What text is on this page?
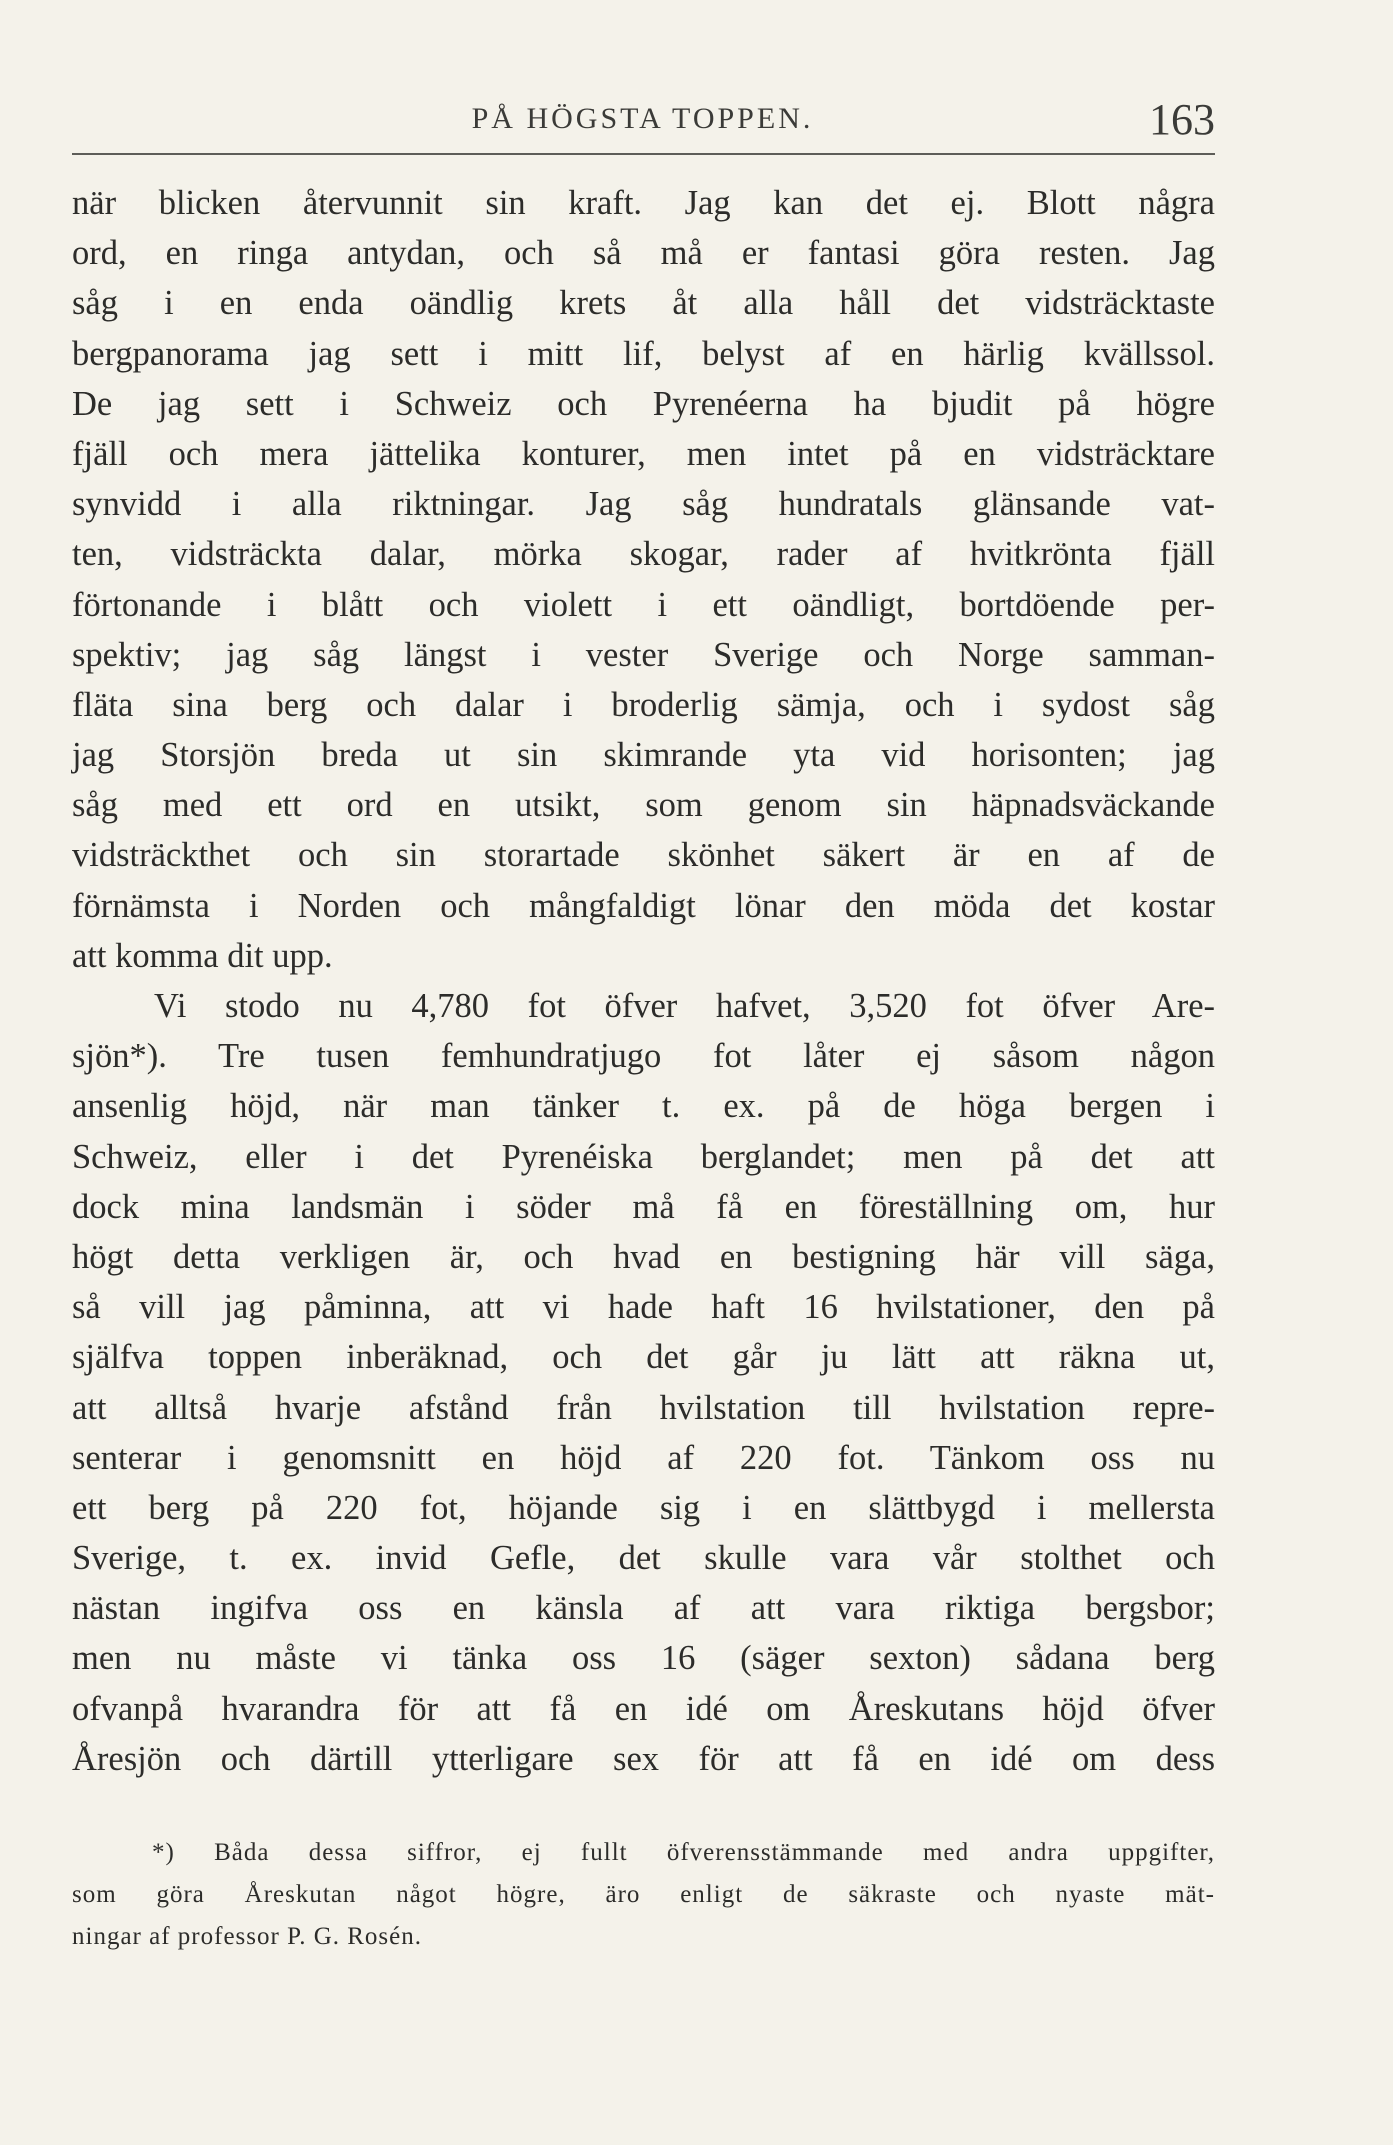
PÅ HÖGSTA TOPPEN.	163
när blicken återvunnit sin kraft. Jag kan det ej. Blott några
ord, en ringa antydan, och så må er fantasi göra resten. Jag
såg i en enda oändlig krets åt alla håll det vidsträcktaste
bergpanorama jag sett i mitt lif, belyst af en härlig kvällssol.
De jag sett i Schweiz och Pyrenéerna ha bjudit på högre
fjäll och mera jättelika konturer, men intet på en vidsträcktare
synvidd i alla riktningar. Jag såg hundratals glänsande vat-
ten, vidsträckta dalar, mörka skogar, rader af hvitkrönta fjäll
förtonande i blått och violett i ett oändligt, bortdöende per-
spektiv; jag såg längst i vester Sverige och Norge samman-
fläta sina berg och dalar i broderlig sämja, och i sydost såg
jag Storsjön breda ut sin skimrande yta vid horisonten; jag
såg med ett ord en utsikt, som genom sin häpnadsväckande
vidsträckthet och sin storartade skönhet säkert är en af de
förnämsta i Norden och mångfaldigt lönar den möda det kostar
att komma dit upp.
Vi stodo nu 4,780 fot öfver hafvet, 3,520 fot öfver Are-
sjön*). Tre tusen femhundratjugo fot låter ej såsom någon
ansenlig höjd, när man tänker t. ex. på de höga bergen i
Schweiz, eller i det Pyrenéiska berglandet; men på det att
dock mina landsmän i söder må få en föreställning om, hur
högt detta verkligen är, och hvad en bestigning här vill säga,
så vill jag påminna, att vi hade haft 16 hvilstationer, den på
själfva toppen inberäknad, och det går ju lätt att räkna ut,
att alltså hvarje afstånd från hvilstation till hvilstation repre-
senterar i genomsnitt en höjd af 220 fot. Tänkom oss nu
ett berg på 220 fot, höjande sig i en slättbygd i mellersta
Sverige, t. ex. invid Gefle, det skulle vara vår stolthet och
nästan ingifva oss en känsla af att vara riktiga bergsbor;
men nu måste vi tänka oss 16 (säger sexton) sådana berg
ofvanpå hvarandra för att få en idé om Åreskutans höjd öfver
Åresjön och därtill ytterligare sex för att få en idé om dess
*) Båda dessa siffror, ej fullt öfverensstämmande med andra uppgifter,
som göra Åreskutan något högre, äro enligt de säkraste och nyaste mät-
ningar af professor P. G. Rosén.
